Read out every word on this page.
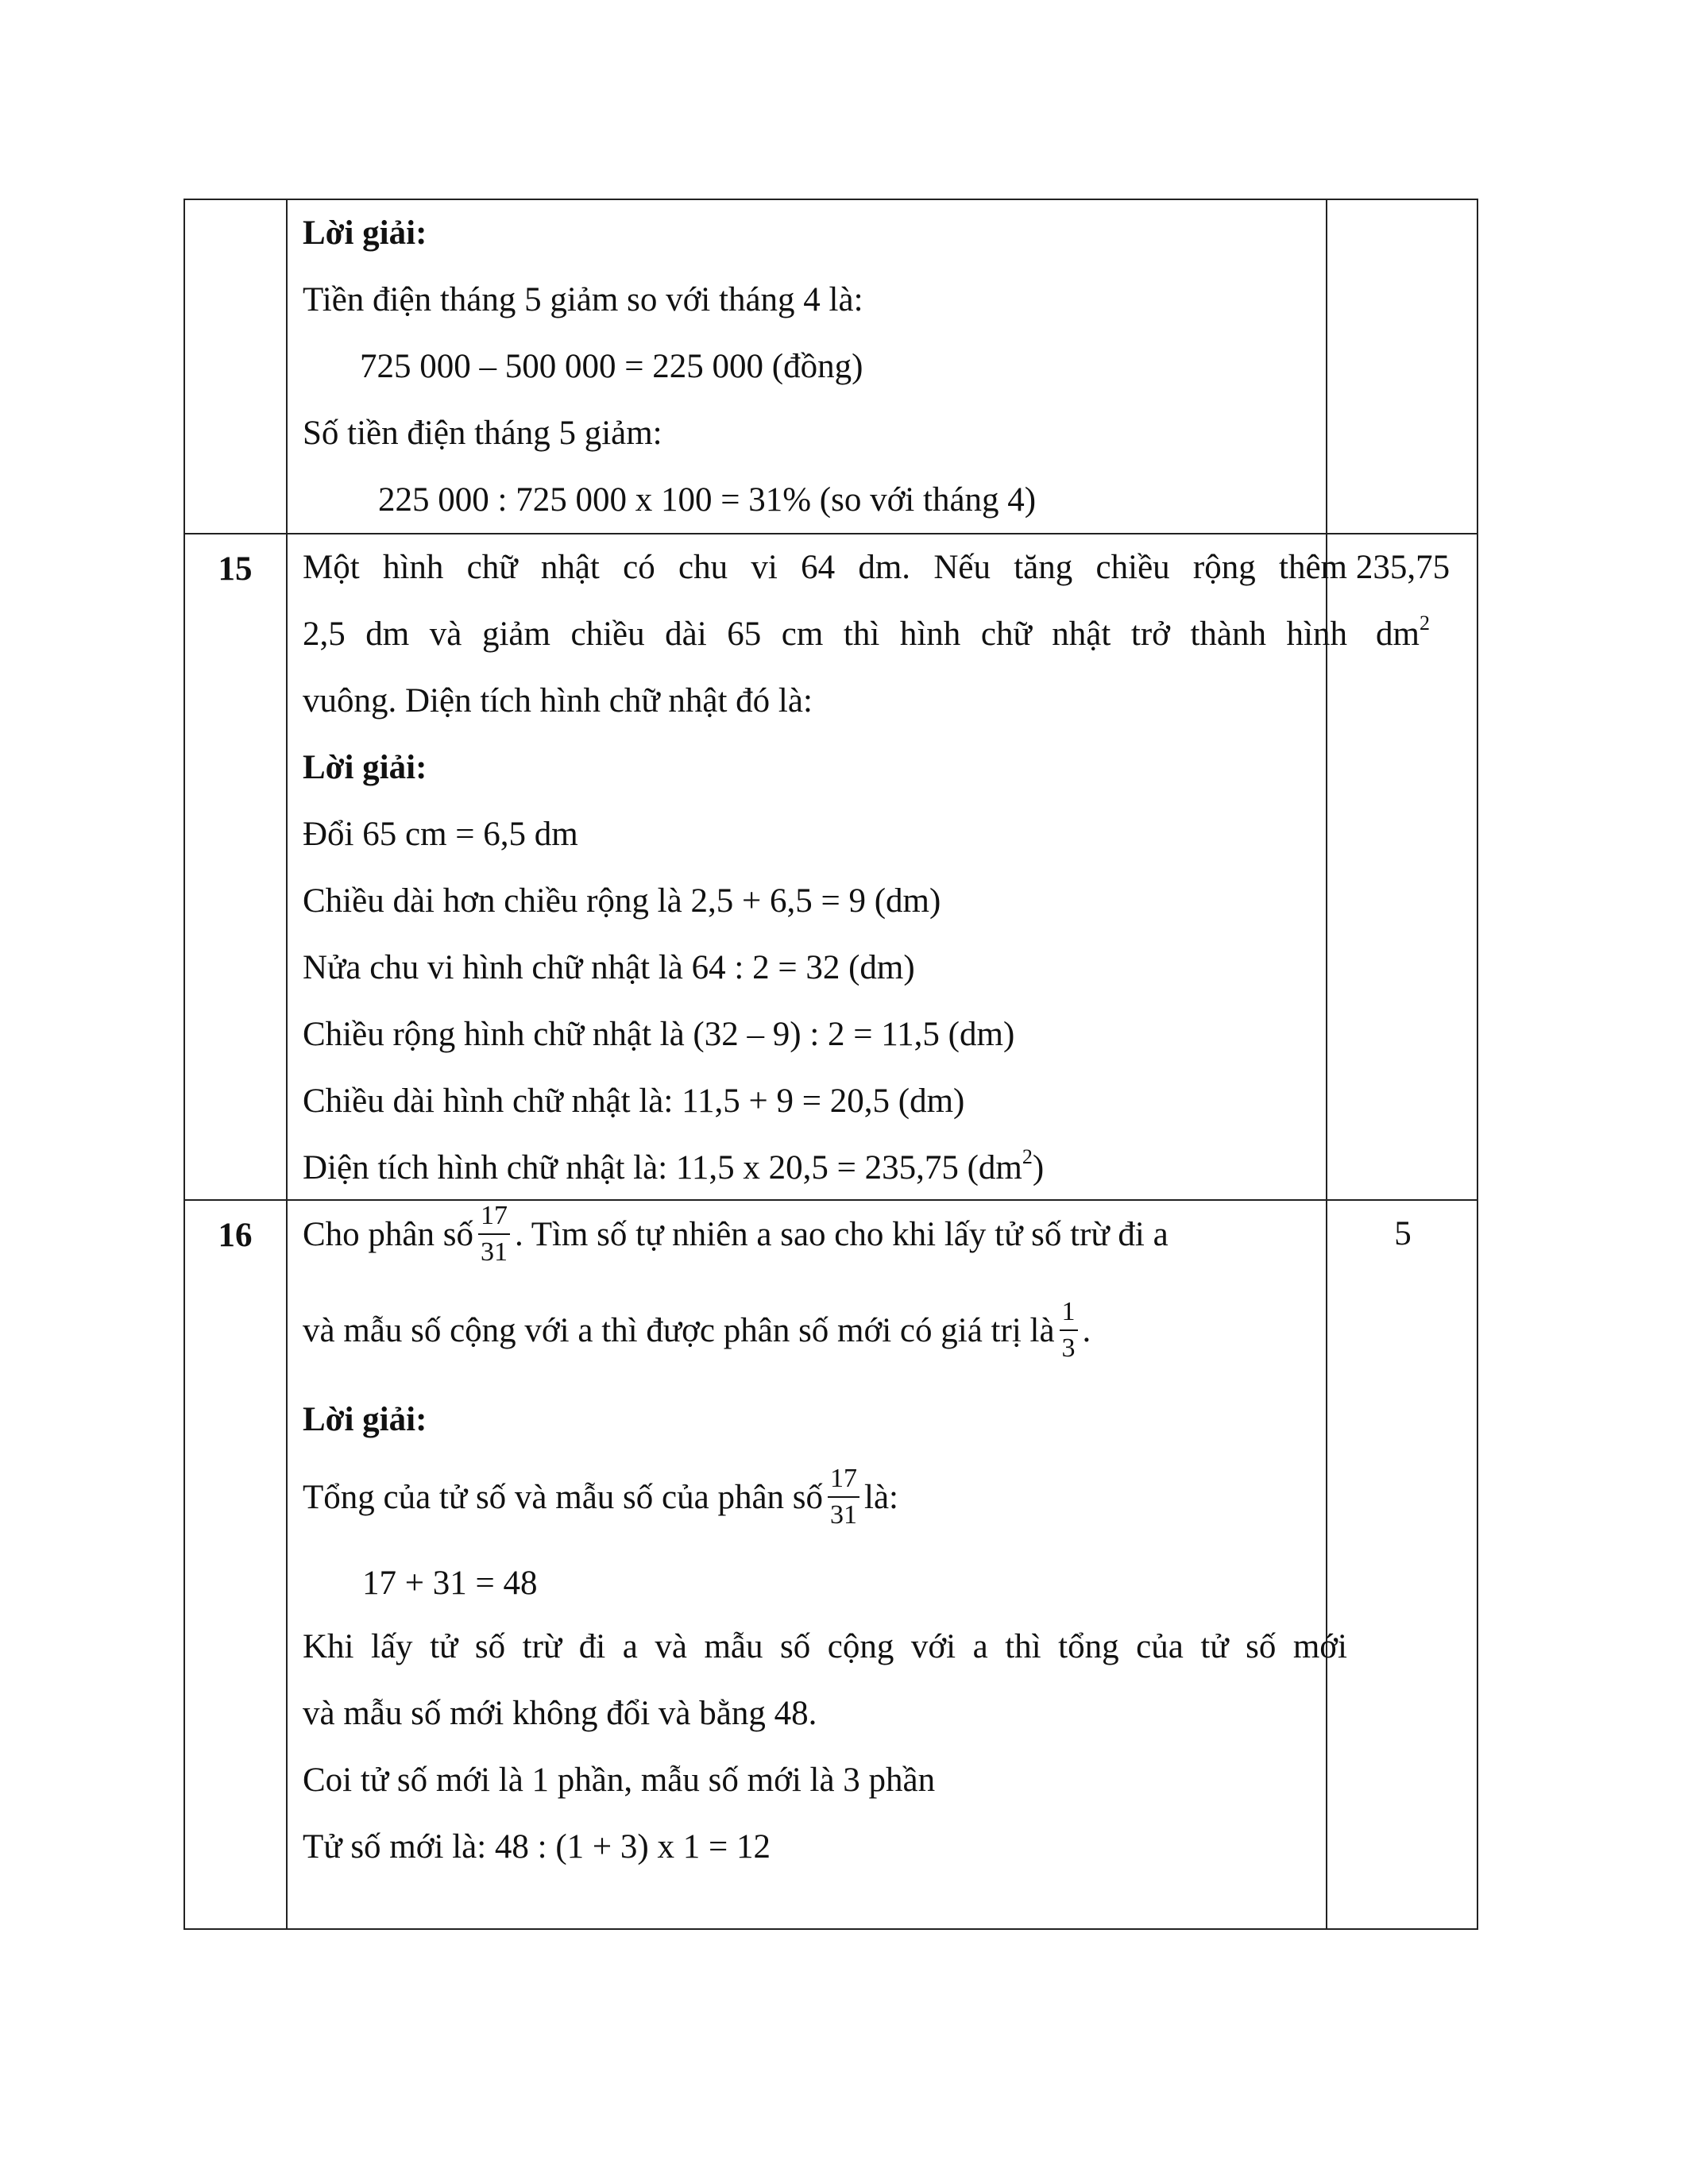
Lời giải:
Tiền điện tháng 5 giảm so với tháng 4 là:
725 000 – 500 000 = 225 000 (đồng)
Số tiền điện tháng 5 giảm:
225 000 : 725 000 x 100 = 31% (so với tháng 4)
15	Một hình chữ nhật có chu vi 64 dm. Nếu tăng chiều rộng thêm
2,5 dm và giảm chiều dài 65 cm thì hình chữ nhật trở thành hình
vuông. Diện tích hình chữ nhật đó là:
Lời giải:
Đổi 65 cm = 6,5 dm
Chiều dài hơn chiều rộng là 2,5 + 6,5 = 9 (dm)
Nửa chu vi hình chữ nhật là 64 : 2 = 32 (dm)
Chiều rộng hình chữ nhật là (32 – 9) : 2 = 11,5 (dm)
Chiều dài hình chữ nhật là: 11,5 + 9 = 20,5 (dm)
Diện tích hình chữ nhật là: 11,5 x 20,5 = 235,75 $(dm^2)$
235,75
$dm^2$
16	Cho phân số $\frac{17}{31}$ . Tìm số tự nhiên a sao cho khi lấy tử số trừ đi a
và mẫu số cộng với a thì được phân số mới có giá trị là $\frac{1}{3}$ .
Lời giải:
Tổng của tử số và mẫu số của phân số $\frac{17}{31}$ là:
17 + 31 = 48
Khi lấy tử số trừ đi a và mẫu số cộng với a thì tổng của tử số mới
và mẫu số mới không đổi và bằng 48.
Coi tử số mới là 1 phần, mẫu số mới là 3 phần
Tử số mới là: 48 : (1 + 3) x 1 = 12
5
